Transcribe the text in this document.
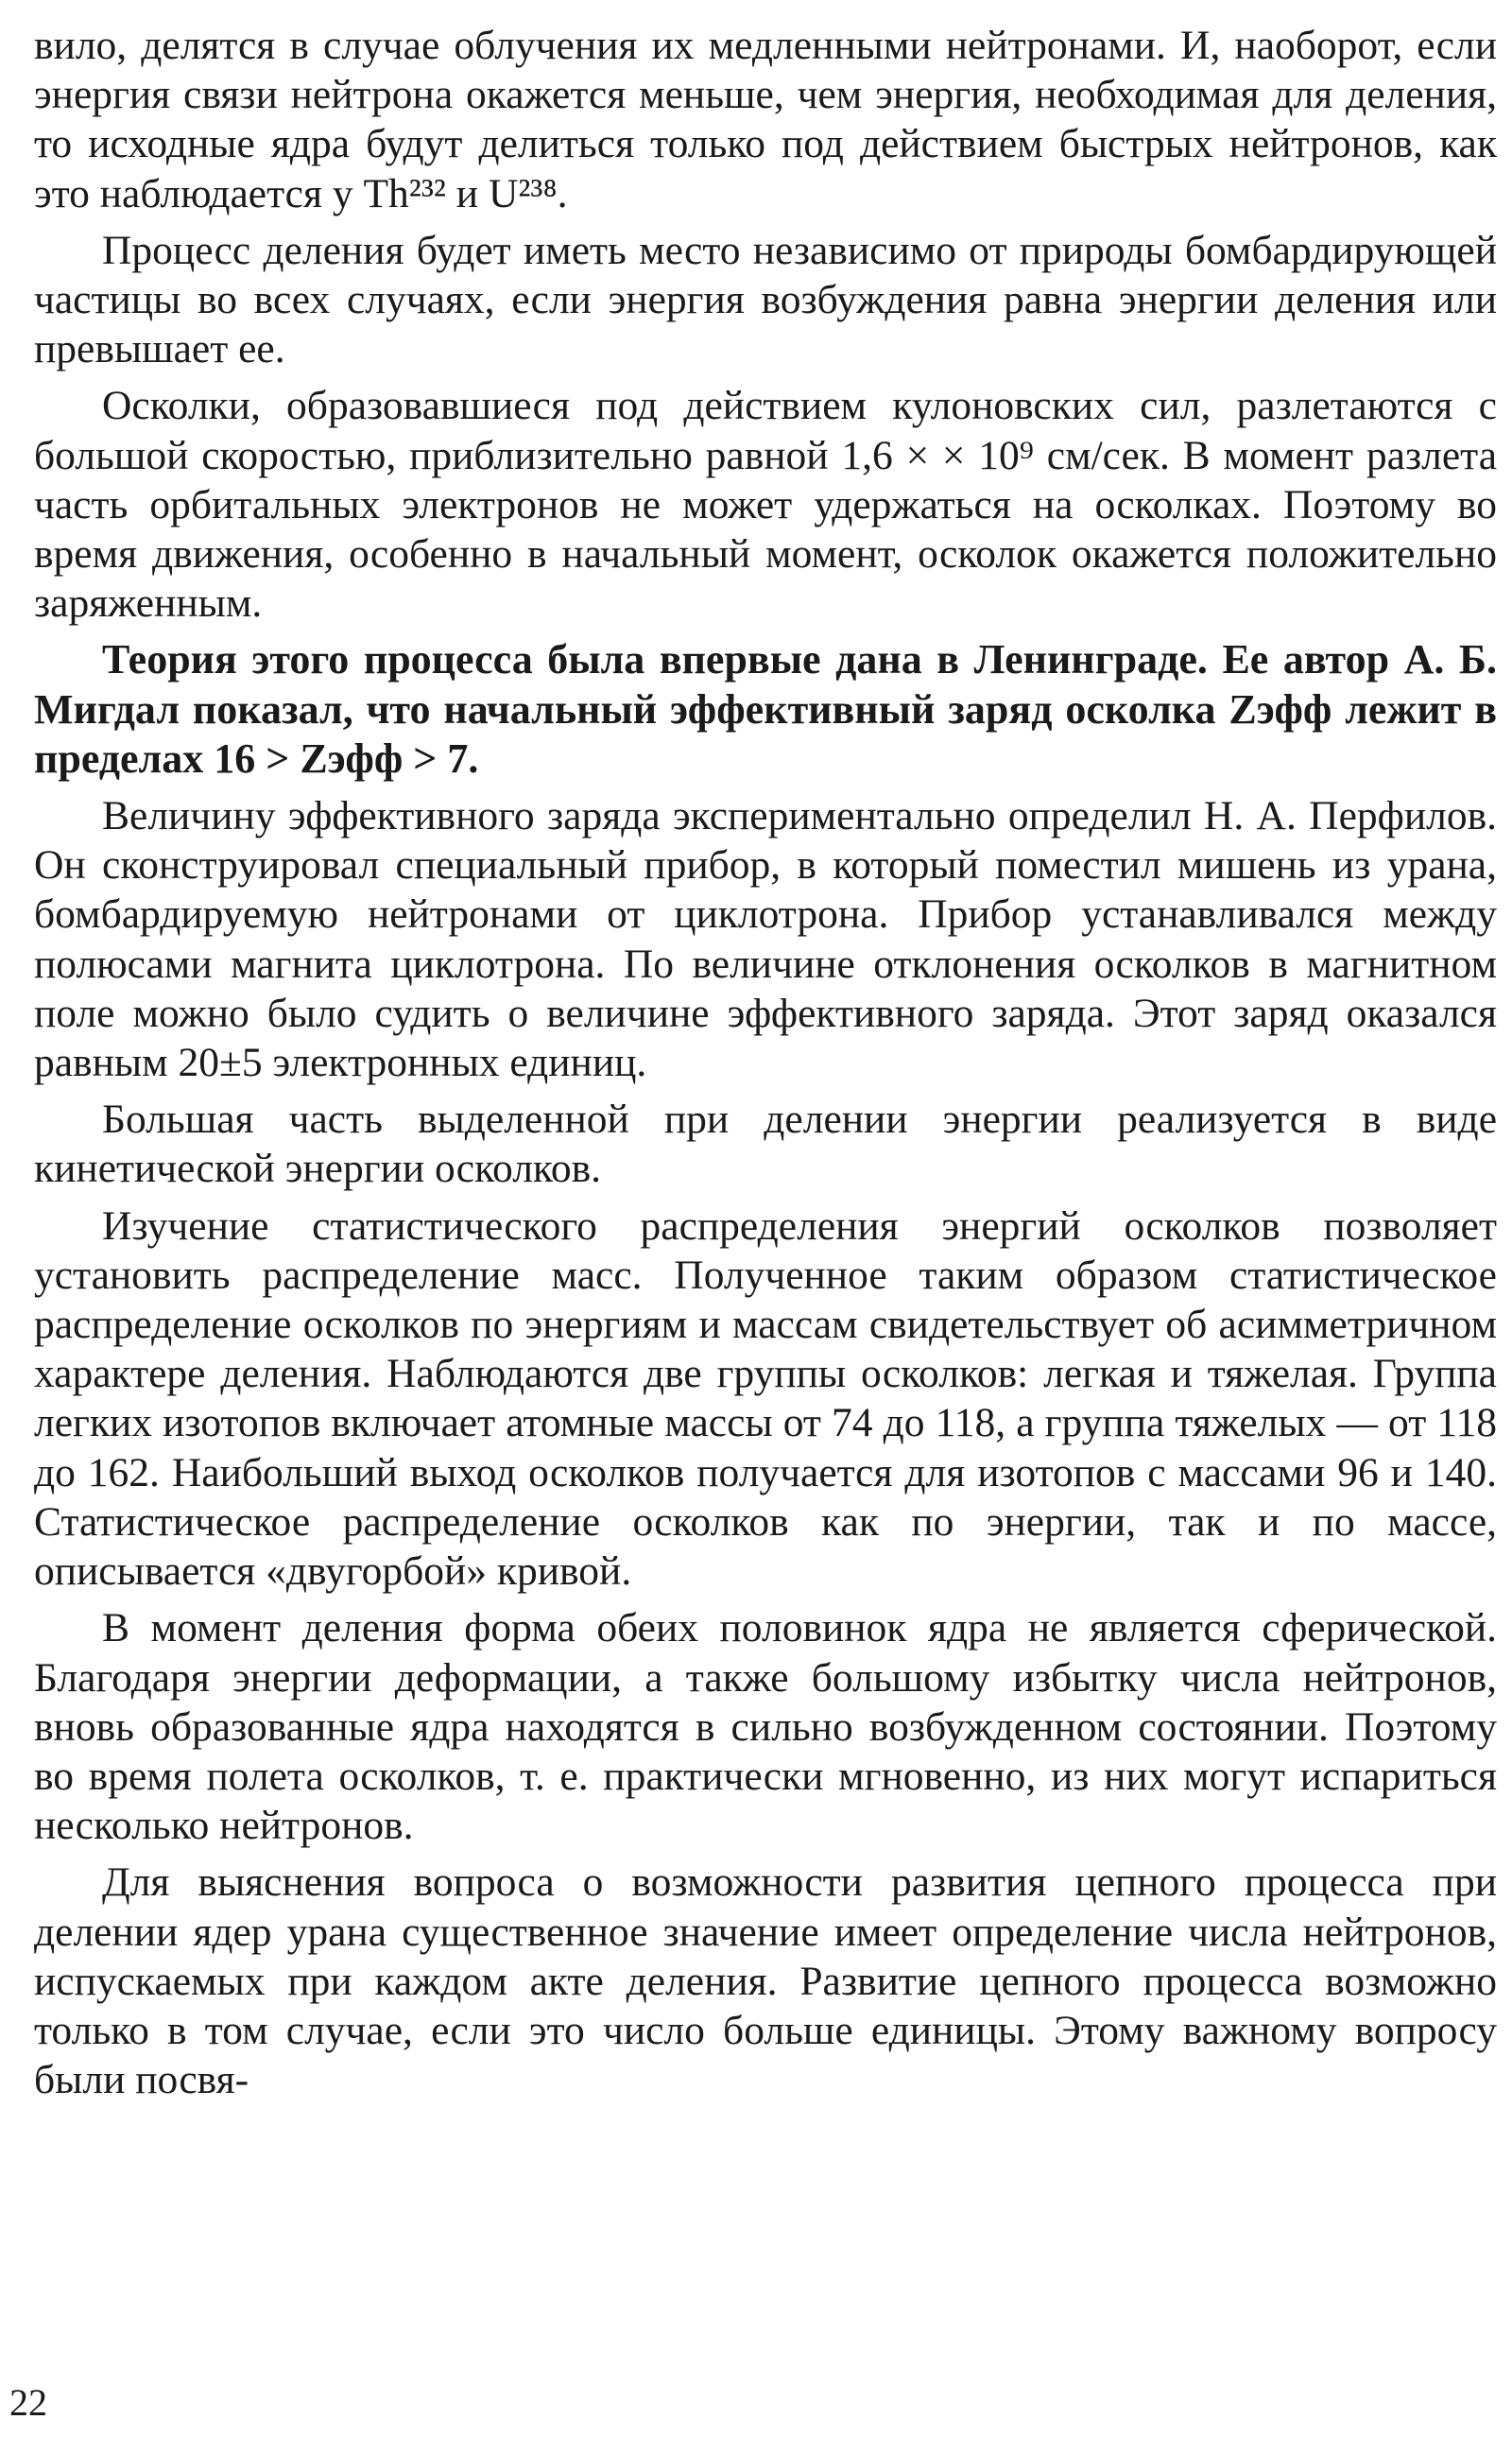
вило, делятся в случае облучения их медленными нейтронами. И, наоборот, если энергия связи нейтрона окажется меньше, чем энергия, необходимая для деления, то исходные ядра будут делиться только под действием быстрых нейтронов, как это наблюдается у Th²³² и U²³⁸.

Процесс деления будет иметь место независимо от природы бомбардирующей частицы во всех случаях, если энергия возбуждения равна энергии деления или превышает ее.

Осколки, образовавшиеся под действием кулоновских сил, разлетаются с большой скоростью, приблизительно равной 1,6 × × 10⁹ см/сек. В момент разлета часть орбитальных электронов не может удержаться на осколках. Поэтому во время движения, особенно в начальный момент, осколок окажется положительно заряженным.

Теория этого процесса была впервые дана в Ленинграде. Ее автор А. Б. Мигдал показал, что начальный эффективный заряд осколка Zэфф лежит в пределах 16 > Zэфф > 7.

Величину эффективного заряда экспериментально определил Н. А. Перфилов. Он сконструировал специальный прибор, в который поместил мишень из урана, бомбардируемую нейтронами от циклотрона. Прибор устанавливался между полюсами магнита циклотрона. По величине отклонения осколков в магнитном поле можно было судить о величине эффективного заряда. Этот заряд оказался равным 20±5 электронных единиц.

Большая часть выделенной при делении энергии реализуется в виде кинетической энергии осколков.

Изучение статистического распределения энергий осколков позволяет установить распределение масс. Полученное таким образом статистическое распределение осколков по энергиям и массам свидетельствует об асимметричном характере деления. Наблюдаются две группы осколков: легкая и тяжелая. Группа легких изотопов включает атомные массы от 74 до 118, а группа тяжелых — от 118 до 162. Наибольший выход осколков получается для изотопов с массами 96 и 140. Статистическое распределение осколков как по энергии, так и по массе, описывается «двугорбой» кривой.

В момент деления форма обеих половинок ядра не является сферической. Благодаря энергии деформации, а также большому избытку числа нейтронов, вновь образованные ядра находятся в сильно возбужденном состоянии. Поэтому во время полета осколков, т. е. практически мгновенно, из них могут испариться несколько нейтронов.

Для выяснения вопроса о возможности развития цепного процесса при делении ядер урана существенное значение имеет определение числа нейтронов, испускаемых при каждом акте деления. Развитие цепного процесса возможно только в том случае, если это число больше единицы. Этому важному вопросу были посвя-

22
